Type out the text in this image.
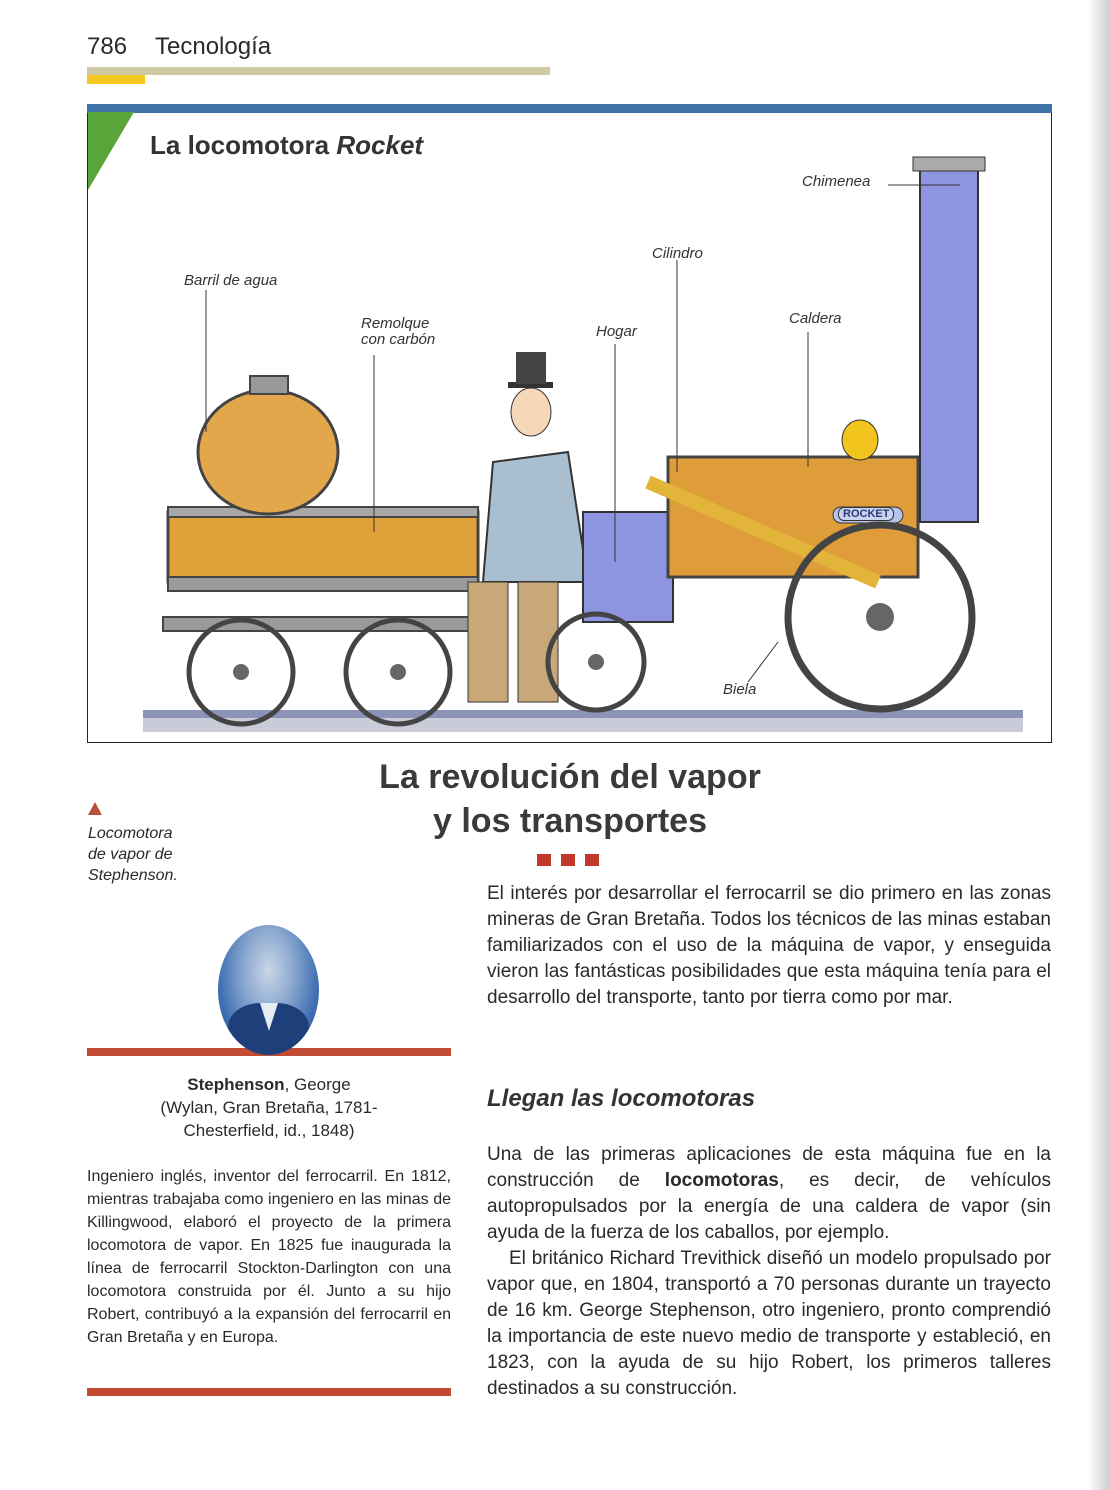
786 Tecnología
La locomotora Rocket
Chimenea
Cilindro
Barril de agua
Remolque
con carbón	Hogar
Caldera
Biela
ROCKET
La revolución del vapor
y los transportes
Locomotora
de vapor de
Stephenson.
Stephenson, George
(Wylan, Gran Bretaña, 1781-
Chesterfield, id., 1848)
Ingeniero inglés, inventor del ferrocarril. En 1812, mientras trabajaba como ingeniero en las minas de Killingwood, elaboró el proyecto de la primera locomotora de vapor. En 1825 fue inaugurada la línea de ferrocarril Stockton-Darlington con una locomotora construida por él. Junto a su hijo Robert, contribuyó a la expansión del ferrocarril en Gran Bretaña y en Europa.
El interés por desarrollar el ferrocarril se dio primero en las zonas mineras de Gran Bretaña. Todos los técnicos de las minas estaban familiarizados con el uso de la máquina de vapor, y enseguida vieron las fantásticas posibilidades que esta máquina tenía para el desarrollo del transporte, tanto por tierra como por mar.
Llegan las locomotoras

Una de las primeras aplicaciones de esta máquina fue en la construcción de locomotoras, es decir, de vehículos autopropulsados por la energía de una caldera de vapor (sin ayuda de la fuerza de los caballos, por ejemplo.

El británico Richard Trevithick diseñó un modelo propulsado por vapor que, en 1804, transportó a 70 personas durante un trayecto de 16 km. George Stephenson, otro ingeniero, pronto comprendió la importancia de este nuevo medio de transporte y estableció, en 1823, con la ayuda de su hijo Robert, los primeros talleres destinados a su construcción.
